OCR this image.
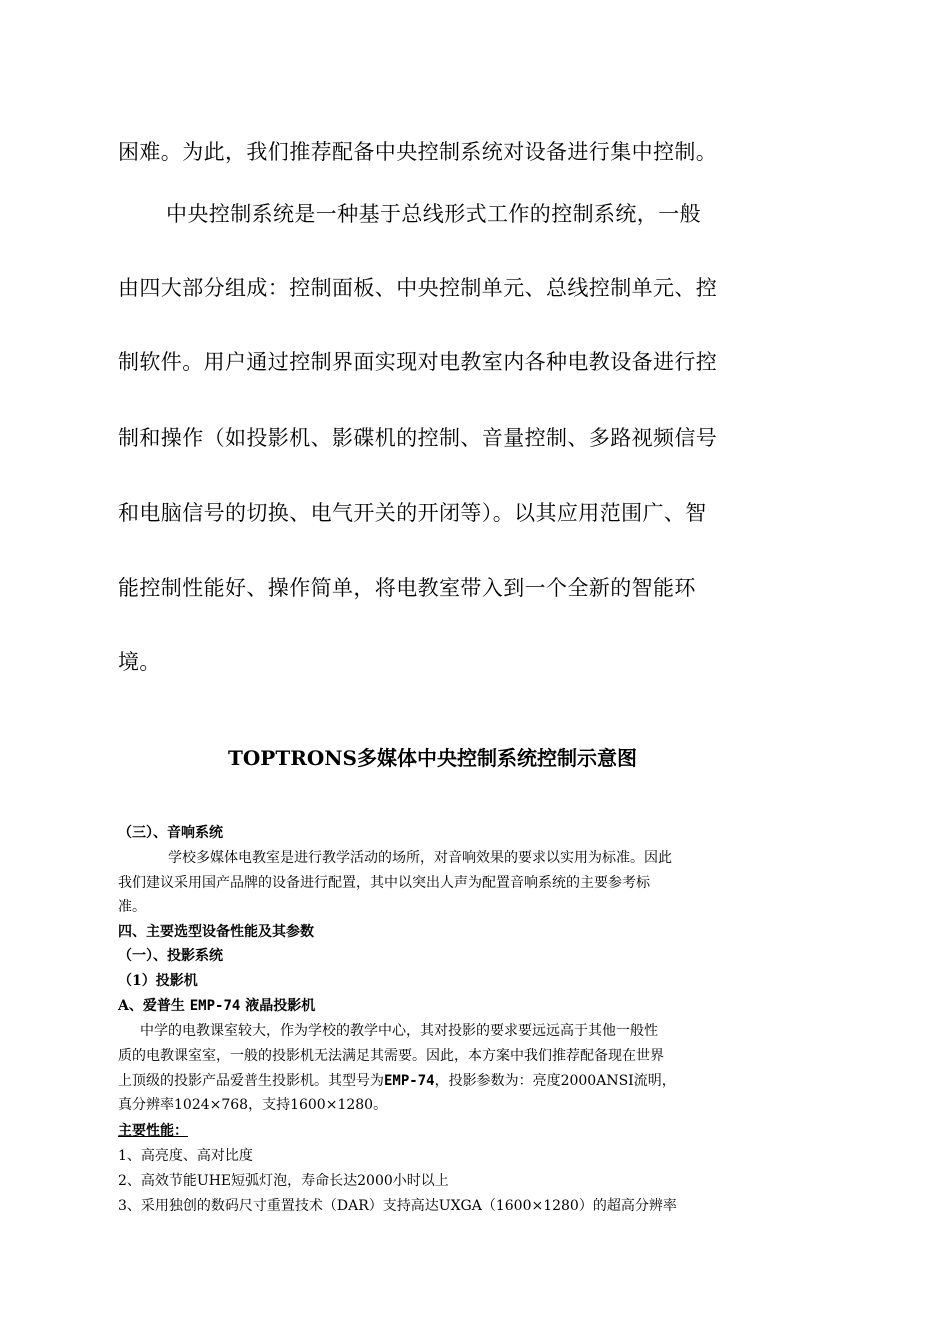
困难。为此，我们推荐配备中央控制系统对设备进行集中控制。
中央控制系统是一种基于总线形式工作的控制系统，一般
由四大部分组成：控制面板、中央控制单元、总线控制单元、控
制软件。用户通过控制界面实现对电教室内各种电教设备进行控
制和操作（如投影机、影碟机的控制、音量控制、多路视频信号
和电脑信号的切换、电气开关的开闭等）。以其应用范围广、智
能控制性能好、操作简单，将电教室带入到一个全新的智能环
境。
TOPTRONS多媒体中央控制系统控制示意图
（三）、音响系统
学校多媒体电教室是进行教学活动的场所，对音响效果的要求以实用为标准。因此
我们建议采用国产品牌的设备进行配置，其中以突出人声为配置音响系统的主要参考标
准。
四、主要选型设备性能及其参数
（一）、投影系统
（1）投影机
A、爱普生 EMP-74 液晶投影机
中学的电教课室较大，作为学校的教学中心，其对投影的要求要远远高于其他一般性
质的电教课室室，一般的投影机无法满足其需要。因此，本方案中我们推荐配备现在世界
上顶级的投影产品爱普生投影机。其型号为EMP-74，投影参数为：亮度2000ANSI流明，
真分辨率1024×768，支持1600×1280。
主要性能：
1、高亮度、高对比度
2、高效节能UHE短弧灯泡，寿命长达2000小时以上
3、采用独创的数码尺寸重置技术（DAR）支持高达UXGA（1600×1280）的超高分辨率
